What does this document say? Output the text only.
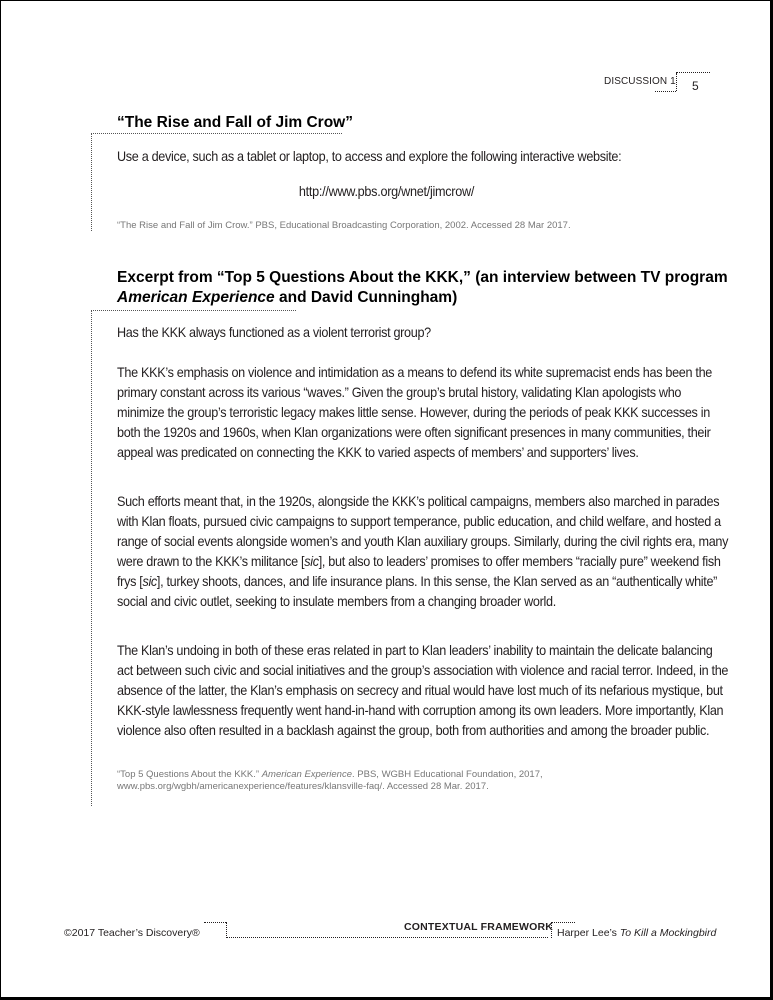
DISCUSSION 1 5
“The Rise and Fall of Jim Crow”

Use a device, such as a tablet or laptop, to access and explore the following interactive website:

http://www.pbs.org/wnet/jimcrow/
“The Rise and Fall of Jim Crow.” PBS, Educational Broadcasting Corporation, 2002. Accessed 28 Mar 2017.
Excerpt from “Top 5 Questions About the KKK,” (an interview between TV program
American Experience and David Cunningham)

Has the KKK always functioned as a violent terrorist group?

The KKK’s emphasis on violence and intimidation as a means to defend its white supremacist ends has been the primary constant across its various “waves.” Given the group’s brutal history, validating Klan apologists who minimize the group’s terroristic legacy makes little sense. However, during the periods of peak KKK successes in both the 1920s and 1960s, when Klan organizations were often significant presences in many communities, their appeal was predicated on connecting the KKK to varied aspects of members’ and supporters’ lives.

Such efforts meant that, in the 1920s, alongside the KKK’s political campaigns, members also marched in parades with Klan floats, pursued civic campaigns to support temperance, public education, and child welfare, and hosted a range of social events alongside women’s and youth Klan auxiliary groups. Similarly, during the civil rights era, many were drawn to the KKK’s militance [sic], but also to leaders’ promises to offer members “racially pure” weekend fish frys [sic], turkey shoots, dances, and life insurance plans. In this sense, the Klan served as an “authentically white” social and civic outlet, seeking to insulate members from a changing broader world.

The Klan’s undoing in both of these eras related in part to Klan leaders’ inability to maintain the delicate balancing act between such civic and social initiatives and the group’s association with violence and racial terror. Indeed, in the absence of the latter, the Klan’s emphasis on secrecy and ritual would have lost much of its nefarious mystique, but KKK-style lawlessness frequently went hand-in-hand with corruption among its own leaders. More importantly, Klan violence also often resulted in a backlash against the group, both from authorities and among the broader public.

“Top 5 Questions About the KKK.” American Experience. PBS, WGBH Educational Foundation, 2017,
www.pbs.org/wgbh/americanexperience/features/klansville-faq/. Accessed 28 Mar. 2017.
©2017 Teacher’s Discovery®	CONTEXTUAL FRAMEWORK Harper Lee’s To Kill a Mockingbird
